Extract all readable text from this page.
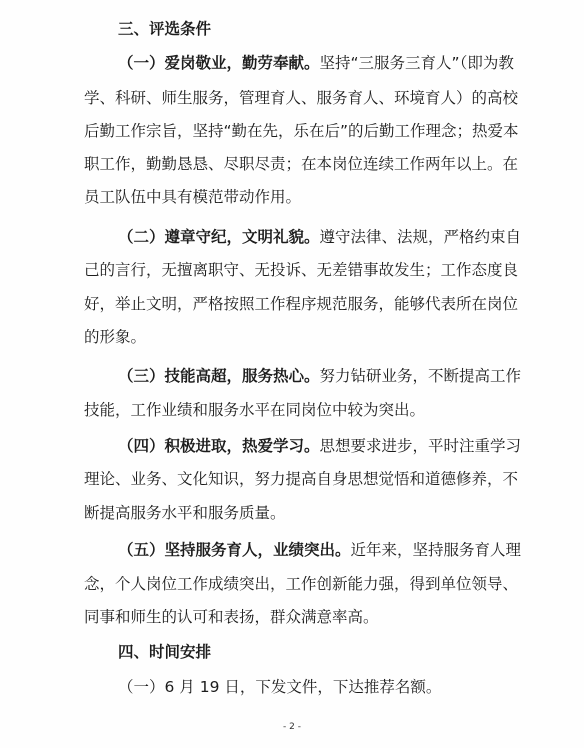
三、评选条件
（一）爱岗敬业，勤劳奉献。坚持“三服务三育人”（即为教
学、科研、师生服务，管理育人、服务育人、环境育人）的高校
后勤工作宗旨，坚持“勤在先，乐在后”的后勤工作理念；热爱本
职工作，勤勤恳恳、尽职尽责；在本岗位连续工作两年以上。在
员工队伍中具有模范带动作用。
（二）遵章守纪，文明礼貌。遵守法律、法规，严格约束自
己的言行，无擅离职守、无投诉、无差错事故发生；工作态度良
好，举止文明，严格按照工作程序规范服务，能够代表所在岗位
的形象。
（三）技能高超，服务热心。努力钻研业务，不断提高工作
技能，工作业绩和服务水平在同岗位中较为突出。
（四）积极进取，热爱学习。思想要求进步，平时注重学习
理论、业务、文化知识，努力提高自身思想觉悟和道德修养，不
断提高服务水平和服务质量。
（五）坚持服务育人，业绩突出。近年来，坚持服务育人理
念，个人岗位工作成绩突出，工作创新能力强，得到单位领导、
同事和师生的认可和表扬，群众满意率高。
四、时间安排
（一）6 月 19 日，下发文件，下达推荐名额。
- 2 -
